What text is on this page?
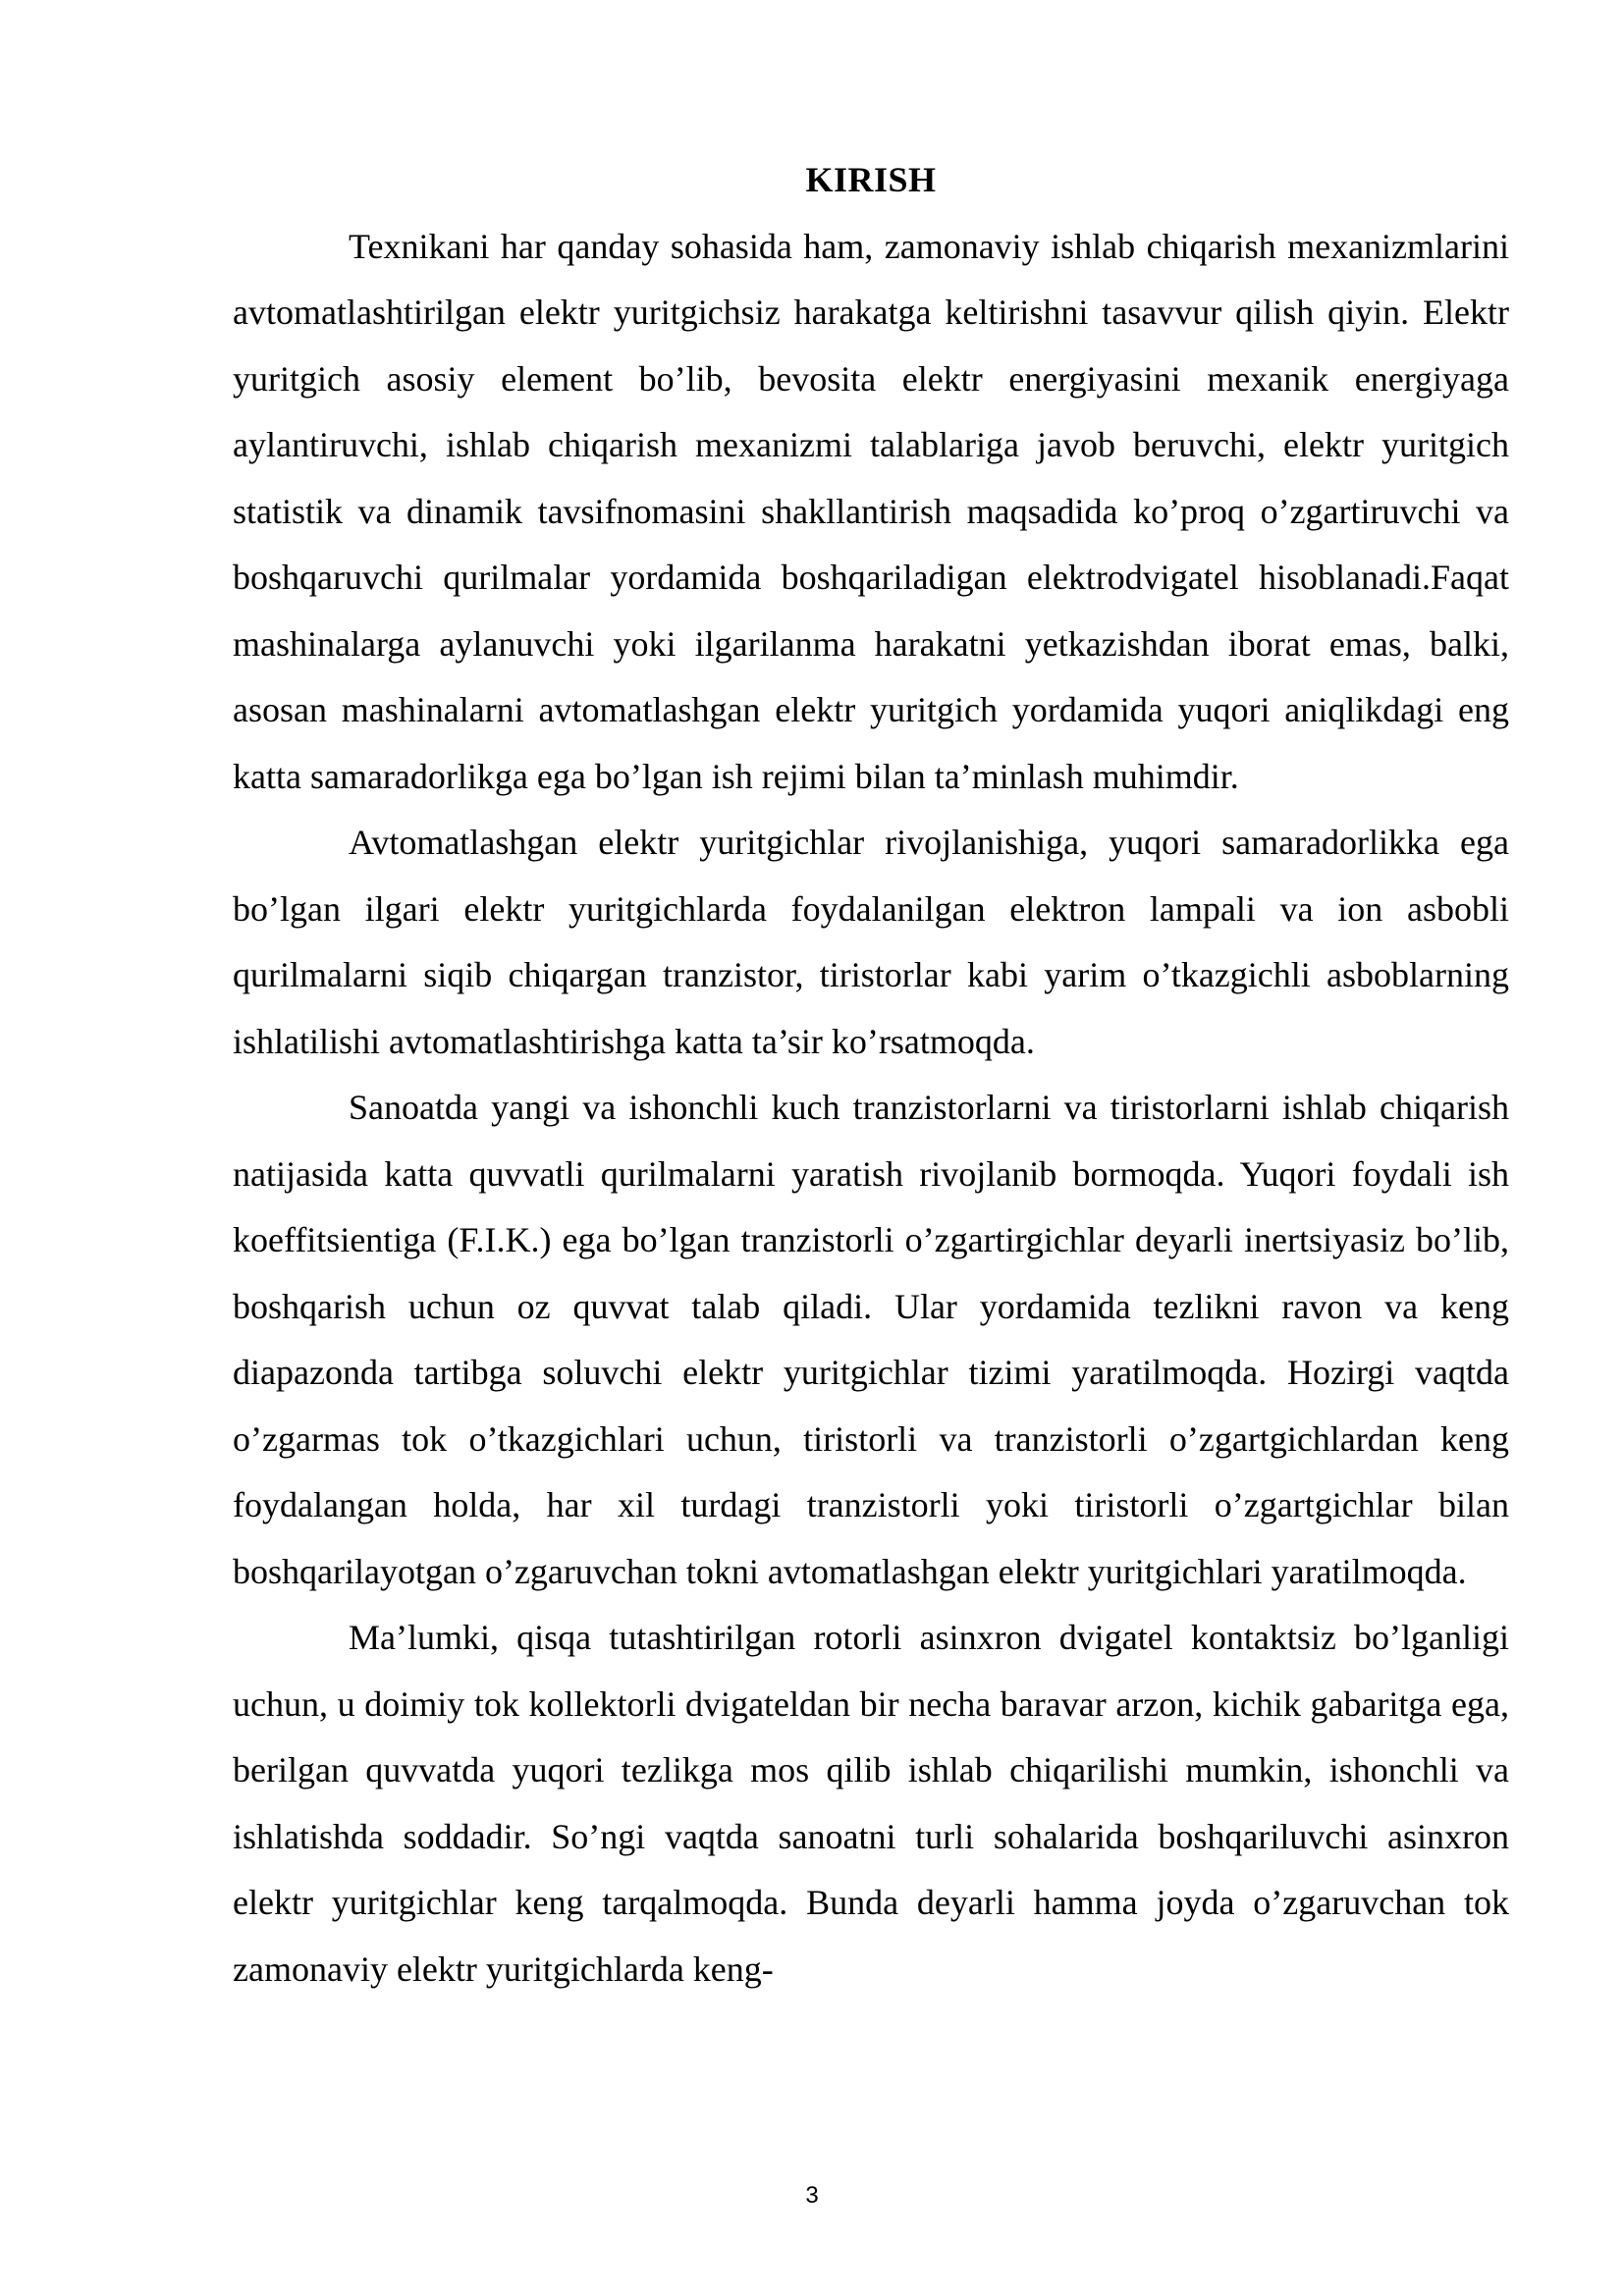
KIRISH

Texnikani har qanday sohasida ham, zamonaviy ishlab chiqarish mexanizmlarini avtomatlashtirilgan elektr yuritgichsiz harakatga keltirishni tasavvur qilish qiyin. Elektr yuritgich asosiy element bo’lib, bevosita elektr energiyasini mexanik energiyaga aylantiruvchi, ishlab chiqarish mexanizmi talablariga javob beruvchi, elektr yuritgich statistik va dinamik tavsifnomasini shakllantirish maqsadida ko’proq o’zgartiruvchi va boshqaruvchi qurilmalar yordamida boshqariladigan elektrodvigatel hisoblanadi.Faqat mashinalarga aylanuvchi yoki ilgarilanma harakatni yetkazishdan iborat emas, balki, asosan mashinalarni avtomatlashgan elektr yuritgich yordamida yuqori aniqlikdagi eng katta samaradorlikga ega bo’lgan ish rejimi bilan ta’minlash muhimdir.

Avtomatlashgan elektr yuritgichlar rivojlanishiga, yuqori samaradorlikka ega bo’lgan ilgari elektr yuritgichlarda foydalanilgan elektron lampali va ion asbobli qurilmalarni siqib chiqargan tranzistor, tiristorlar kabi yarim o’tkazgichli asboblarning ishlatilishi avtomatlashtirishga katta ta’sir ko’rsatmoqda.

Sanoatda yangi va ishonchli kuch tranzistorlarni va tiristorlarni ishlab chiqarish natijasida katta quvvatli qurilmalarni yaratish rivojlanib bormoqda. Yuqori foydali ish koeffitsientiga (F.I.K.) ega bo’lgan tranzistorli o’zgartirgichlar deyarli inertsiyasiz bo’lib, boshqarish uchun oz quvvat talab qiladi. Ular yordamida tezlikni ravon va keng diapazonda tartibga soluvchi elektr yuritgichlar tizimi yaratilmoqda. Hozirgi vaqtda o’zgarmas tok o’tkazgichlari uchun, tiristorli va tranzistorli o’zgartgichlardan keng foydalangan holda, har xil turdagi tranzistorli yoki tiristorli o’zgartgichlar bilan boshqarilayotgan o’zgaruvchan tokni avtomatlashgan elektr yuritgichlari yaratilmoqda.

Ma’lumki, qisqa tutashtirilgan rotorli asinxron dvigatel kontaktsiz bo’lganligi uchun, u doimiy tok kollektorli dvigateldan bir necha baravar arzon, kichik gabaritga ega, berilgan quvvatda yuqori tezlikga mos qilib ishlab chiqarilishi mumkin, ishonchli va ishlatishda soddadir. So’ngi vaqtda sanoatni turli sohalarida boshqariluvchi asinxron elektr yuritgichlar keng tarqalmoqda. Bunda deyarli hamma joyda o’zgaruvchan tok zamonaviy elektr yuritgichlarda keng-

3
